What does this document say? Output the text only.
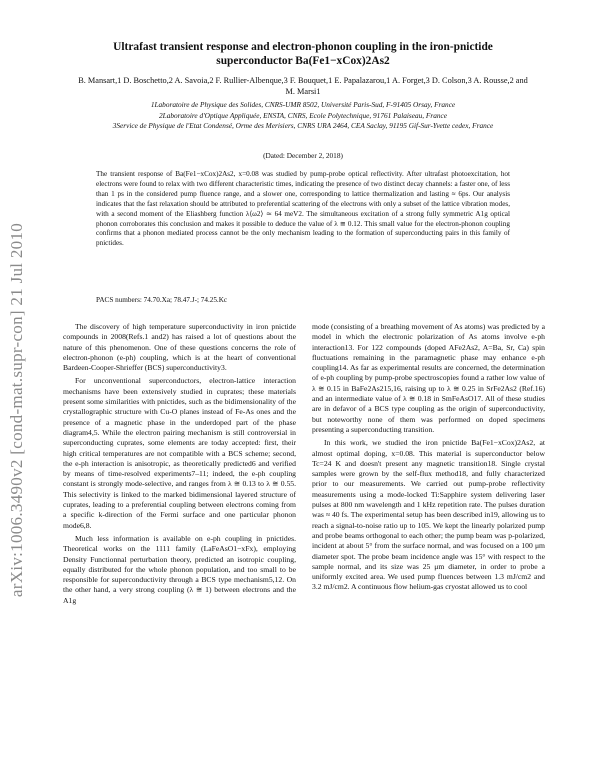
arXiv:1006.3490v2 [cond-mat.supr-con] 21 Jul 2010
Ultrafast transient response and electron-phonon coupling in the iron-pnictide superconductor Ba(Fe1−xCox)2As2
B. Mansart,1 D. Boschetto,2 A. Savoia,2 F. Rullier-Albenque,3 F. Bouquet,1 E. Papalazarou,1 A. Forget,3 D. Colson,3 A. Rousse,2 and M. Marsi1
1Laboratoire de Physique des Solides, CNRS-UMR 8502, Université Paris-Sud, F-91405 Orsay, France
2Laboratoire d'Optique Appliquée, ENSTA, CNRS, Ecole Polytechnique, 91761 Palaiseau, France
3Service de Physique de l'Etat Condensé, Orme des Merisiers, CNRS URA 2464, CEA Saclay, 91195 Gif-Sur-Yvette cedex, France
(Dated: December 2, 2018)
The transient response of Ba(Fe1−xCox)2As2, x=0.08 was studied by pump-probe optical reflectivity. After ultrafast photoexcitation, hot electrons were found to relax with two different characteristic times, indicating the presence of two distinct decay channels: a faster one, of less than 1 ps in the considered pump fluence range, and a slower one, corresponding to lattice thermalization and lasting ≈ 6ps. Our analysis indicates that the fast relaxation should be attributed to preferential scattering of the electrons with only a subset of the lattice vibration modes, with a second moment of the Eliashberg function λ⟨ω2⟩ ≃ 64 meV2. The simultaneous excitation of a strong fully symmetric A1g optical phonon corroborates this conclusion and makes it possible to deduce the value of λ ≅ 0.12. This small value for the electron-phonon coupling confirms that a phonon mediated process cannot be the only mechanism leading to the formation of superconducting pairs in this family of pnictides.
PACS numbers: 74.70.Xa; 78.47.J-; 74.25.Kc

The discovery of high temperature superconductivity in iron pnictide compounds in 2008(Refs.1 and2) has raised a lot of questions about the nature of this phenomenon. One of these questions concerns the role of electron-phonon (e-ph) coupling, which is at the heart of conventional Bardeen-Cooper-Shrieffer (BCS) superconductivity3.

For unconventional superconductors, electron-lattice interaction mechanisms have been extensively studied in cuprates; these materials present some similarities with pnictides, such as the bidimensionality of the crystallographic structure with Cu-O planes instead of Fe-As ones and the presence of a magnetic phase in the underdoped part of the phase diagram4,5. While the electron pairing mechanism is still controversial in superconducting cuprates, some elements are today accepted: first, their high critical temperatures are not compatible with a BCS scheme; second, the e-ph interaction is anisotropic, as theoretically predicted6 and verified by means of time-resolved experiments7–11; indeed, the e-ph coupling constant is strongly mode-selective, and ranges from λ ≅ 0.13 to λ ≅ 0.55. This selectivity is linked to the marked bidimensional layered structure of cuprates, leading to a preferential coupling between electrons coming from a specific k-direction of the Fermi surface and one particular phonon mode6,8.

Much less information is available on e-ph coupling in pnictides. Theoretical works on the 1111 family (LaFeAsO1−xFx), employing Density Functionnal perturbation theory, predicted an isotropic coupling, equally distributed for the whole phonon population, and too small to be responsible for superconductivity through a BCS type mechanism5,12. On the other hand, a very strong coupling (λ ≅ 1) between electrons and the A1g

mode (consisting of a breathing movement of As atoms) was predicted by a model in which the electronic polarization of As atoms involve e-ph interaction13. For 122 compounds (doped AFe2As2, A=Ba, Sr, Ca) spin fluctuations remaining in the paramagnetic phase may enhance e-ph coupling14. As far as experimental results are concerned, the determination of e-ph coupling by pump-probe spectroscopies found a rather low value of λ ≅ 0.15 in BaFe2As215,16, raising up to λ ≅ 0.25 in SrFe2As2 (Ref.16) and an intermediate value of λ ≅ 0.18 in SmFeAsO17. All of these studies are in defavor of a BCS type coupling as the origin of superconductivity, but noteworthy none of them was performed on doped specimens presenting a superconducting transition.

In this work, we studied the iron pnictide Ba(Fe1−xCox)2As2, at almost optimal doping, x=0.08. This material is superconductor below Tc=24 K and doesn't present any magnetic transition18. Single crystal samples were grown by the self-flux method18, and fully characterized prior to our measurements. We carried out pump-probe reflectivity measurements using a mode-locked Ti:Sapphire system delivering laser pulses at 800 nm wavelength and 1 kHz repetition rate. The pulses duration was ≈ 40 fs. The experimental setup has been described in19, allowing us to reach a signal-to-noise ratio up to 105. We kept the linearly polarized pump and probe beams orthogonal to each other; the pump beam was p-polarized, incident at about 5° from the surface normal, and was focused on a 100 μm diameter spot. The probe beam incidence angle was 15° with respect to the sample normal, and its size was 25 μm diameter, in order to probe a uniformly excited area. We used pump fluences between 1.3 mJ/cm2 and 3.2 mJ/cm2. A continuous flow helium-gas cryostat allowed us to cool
